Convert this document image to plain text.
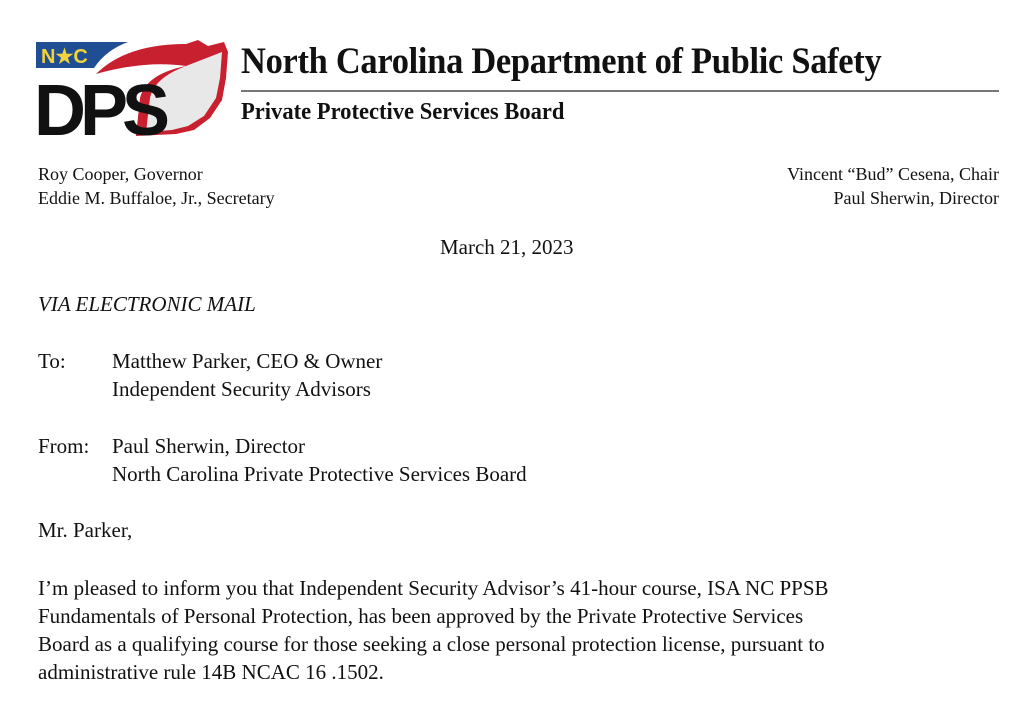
N★C
DPS
North Carolina Department of Public Safety
Private Protective Services Board
Roy Cooper, Governor
Eddie M. Buffaloe, Jr., Secretary
Vincent “Bud” Cesena, Chair
Paul Sherwin, Director
March 21, 2023
VIA ELECTRONIC MAIL
To: Matthew Parker, CEO & Owner
Independent Security Advisors
From: Paul Sherwin, Director
North Carolina Private Protective Services Board
Mr. Parker,
I’m pleased to inform you that Independent Security Advisor’s 41-hour course, ISA NC PPSB
Fundamentals of Personal Protection, has been approved by the Private Protective Services
Board as a qualifying course for those seeking a close personal protection license, pursuant to
administrative rule 14B NCAC 16 .1502.
